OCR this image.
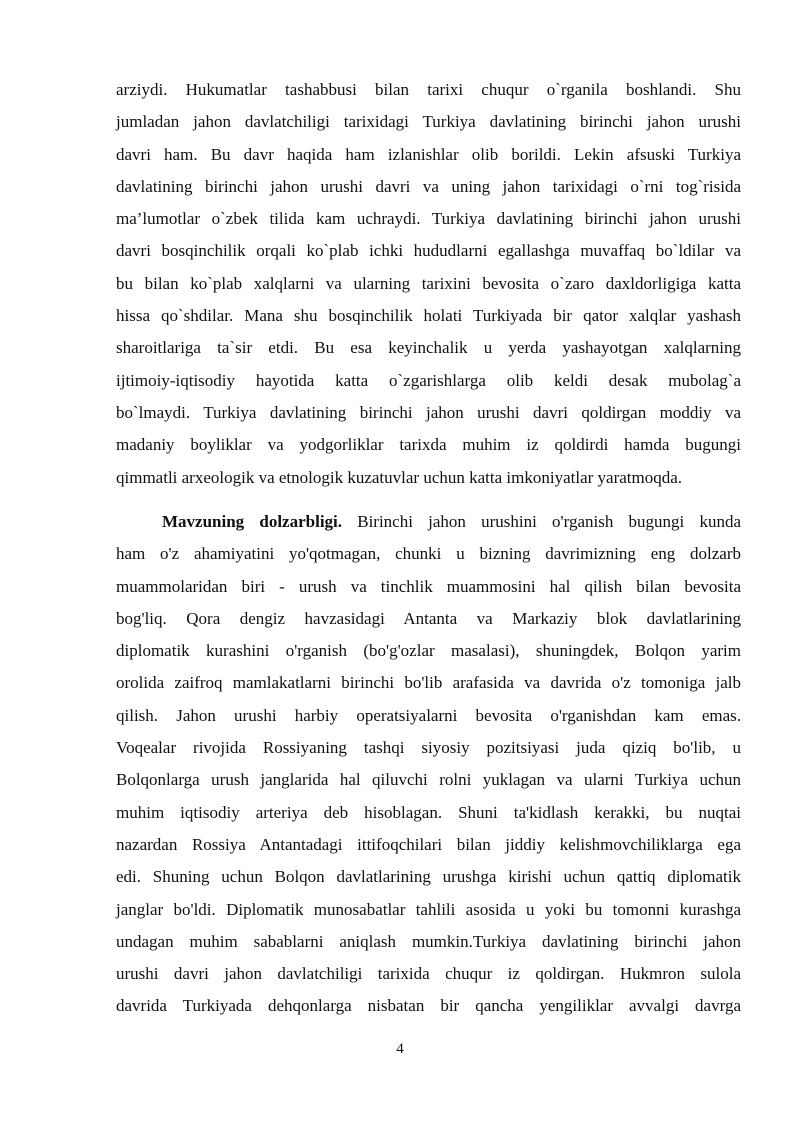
arziydi. Hukumatlar tashabbusi bilan tarixi chuqur o`rganila boshlandi. Shu
jumladan jahon davlatchiligi tarixidagi Turkiya davlatining birinchi jahon urushi
davri ham. Bu davr haqida ham izlanishlar olib borildi. Lekin afsuski Turkiya
davlatining birinchi jahon urushi davri va uning jahon tarixidagi o`rni tog`risida
ma’lumotlar o`zbek tilida kam uchraydi. Turkiya davlatining birinchi jahon urushi
davri bosqinchilik orqali ko`plab ichki hududlarni egallashga muvaffaq bo`ldilar va
bu bilan ko`plab xalqlarni va ularning tarixini bevosita o`zaro daxldorligiga katta
hissa qo`shdilar. Mana shu bosqinchilik holati Turkiyada bir qator xalqlar yashash
sharoitlariga ta`sir etdi. Bu esa keyinchalik u yerda yashayotgan xalqlarning
ijtimoiy-iqtisodiy hayotida katta o`zgarishlarga olib keldi desak mubolag`a
bo`lmaydi. Turkiya davlatining birinchi jahon urushi davri qoldirgan moddiy va
madaniy boyliklar va yodgorliklar tarixda muhim iz qoldirdi hamda bugungi
qimmatli arxeologik va etnologik kuzatuvlar uchun katta imkoniyatlar yaratmoqda.
Mavzuning dolzarbligi. Birinchi jahon urushini o'rganish bugungi kunda
ham o'z ahamiyatini yo'qotmagan, chunki u bizning davrimizning eng dolzarb
muammolaridan biri - urush va tinchlik muammosini hal qilish bilan bevosita
bog'liq. Qora dengiz havzasidagi Antanta va Markaziy blok davlatlarining
diplomatik kurashini o'rganish (bo'g'ozlar masalasi), shuningdek, Bolqon yarim
orolida zaifroq mamlakatlarni birinchi bo'lib arafasida va davrida o'z tomoniga jalb
qilish. Jahon urushi harbiy operatsiyalarni bevosita o'rganishdan kam emas.
Voqealar rivojida Rossiyaning tashqi siyosiy pozitsiyasi juda qiziq bo'lib, u
Bolqonlarga urush janglarida hal qiluvchi rolni yuklagan va ularni Turkiya uchun
muhim iqtisodiy arteriya deb hisoblagan. Shuni ta'kidlash kerakki, bu nuqtai
nazardan Rossiya Antantadagi ittifoqchilari bilan jiddiy kelishmovchiliklarga ega
edi. Shuning uchun Bolqon davlatlarining urushga kirishi uchun qattiq diplomatik
janglar bo'ldi. Diplomatik munosabatlar tahlili asosida u yoki bu tomonni kurashga
undagan muhim sabablarni aniqlash mumkin.Turkiya davlatining birinchi jahon
urushi davri jahon davlatchiligi tarixida chuqur iz qoldirgan. Hukmron sulola
davrida Turkiyada dehqonlarga nisbatan bir qancha yengiliklar avvalgi davrga
4
